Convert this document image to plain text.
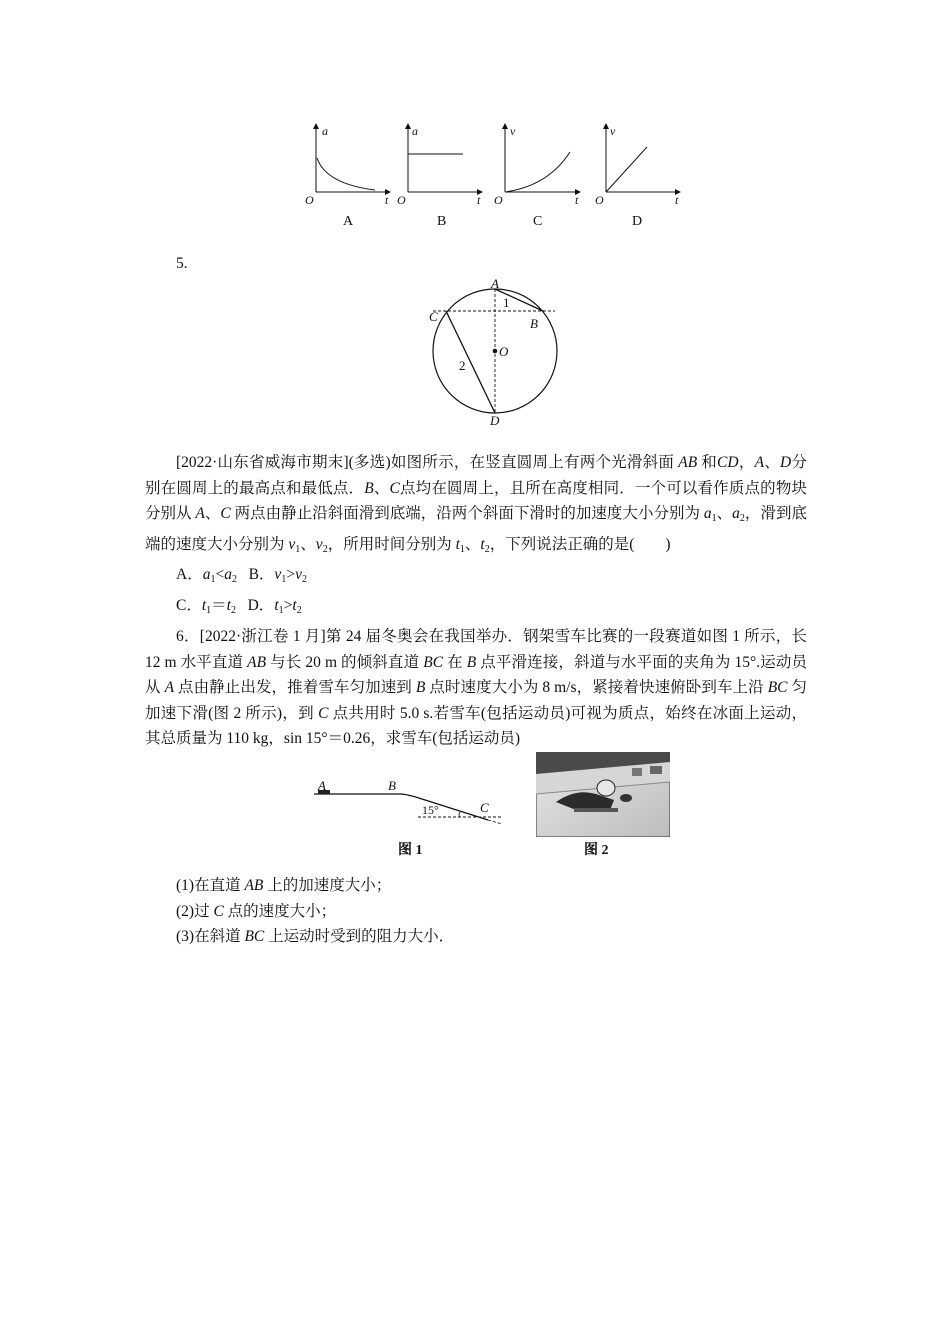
a
t
O
A
a
t
O
B
v
t
O
C
v
t
O
D
5.
A
B
C
D
O
1
2

[2022·山东省威海市期末](多选)如图所示，在竖直圆周上有两个光滑斜面 AB 和CD，A、D分别在圆周上的最高点和最低点．B、C点均在圆周上，且所在高度相同．一个可以看作质点的物块分别从 A、C 两点由静止沿斜面滑到底端，沿两个斜面下滑时的加速度大小分别为 $a_1$、$a_2$，滑到底端的速度大小分别为 $v_1$、$v_2$，所用时间分别为 $t_1$、$t_2$，下列说法正确的是(　　)

A．$a_1<a_2$ B．$v_1>v_2$

C．$t_1=t_2$ D．$t_1>t_2$

6．[2022·浙江卷 1 月]第 24 届冬奥会在我国举办．钢架雪车比赛的一段赛道如图 1 所示，长 12 m 水平直道 AB 与长 20 m 的倾斜直道 BC 在 B 点平滑连接，斜道与水平面的夹角为 15°.运动员从 A 点由静止出发，推着雪车匀加速到 B 点时速度大小为 8 m/s，紧接着快速俯卧到车上沿 BC 匀加速下滑(图 2 所示)，到 C 点共用时 5.0 s.若雪车(包括运动员)可视为质点，始终在冰面上运动，其总质量为 110 kg，sin 15°＝0.26，求雪车(包括运动员)

A	B
C
15°
图 1	图 2

(1)在直道 AB 上的加速度大小；

(2)过 C 点的速度大小；

(3)在斜道 BC 上运动时受到的阻力大小．
